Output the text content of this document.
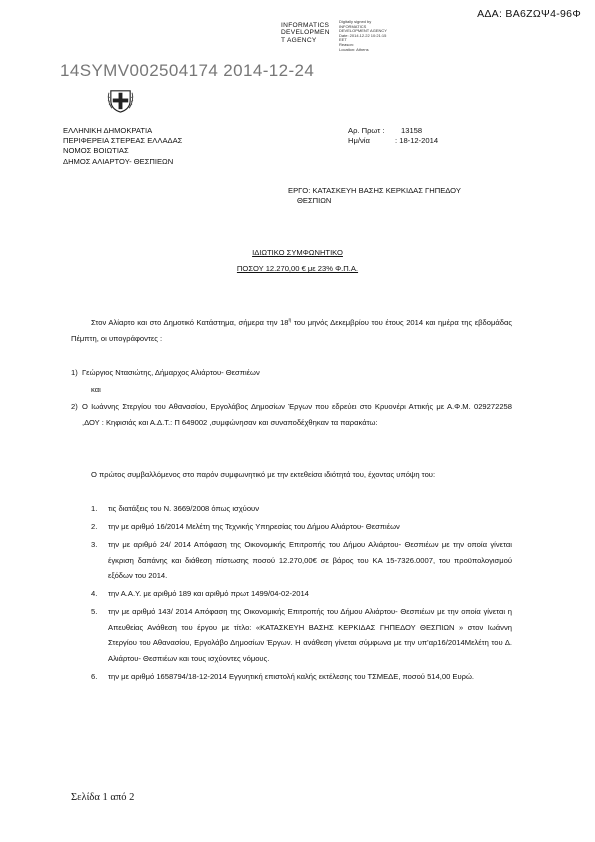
ΑΔΑ: ΒΑ6ΖΩΨ4-96Φ
INFORMATICS
DEVELOPMEN
T AGENCY
Digitally signed by
INFORMATICS
DEVELOPMENT AGENCY
Date: 2014.12.22 10:21:15
EET
Reason:
Location: Athens
14SYMV002504174 2014-12-24
ΕΛΛΗΝΙΚΗ ΔΗΜΟΚΡΑΤΙΑ
ΠΕΡΙΦΕΡΕΙΑ ΣΤΕΡΕΑΣ ΕΛΛΑΔΑΣ
ΝΟΜΟΣ ΒΟΙΩΤΙΑΣ
ΔΗΜΟΣ ΑΛΙΑΡΤΟΥ- ΘΕΣΠΙΕΩΝ
Αρ. Πρωτ : 13158
Ημ/νία	: 18-12-2014
ΕΡΓΟ: ΚΑΤΑΣΚΕΥΗ ΒΑΣΗΣ ΚΕΡΚΙΔΑΣ ΓΗΠΕΔΟΥ
ΘΕΣΠΙΩΝ
ΙΔΙΩΤΙΚΟ ΣΥΜΦΩΝΗΤΙΚΟ
ΠΟΣΟΥ 12.270,00 € με 23% Φ.Π.Α.
Στον Αλίαρτο και στο Δημοτικό Κατάστημα, σήμερα την $18^\eta$ του μηνός Δεκεμβρίου του έτους 2014 και ημέρα της εβδομάδας Πέμπτη, οι υπογράφοντες :
1) Γεώργιος Ντασιώτης, Δήμαρχος Αλιάρτου- Θεσπιέων
και
2) Ο Ιωάννης Στεργίου του Αθανασίου, Εργολάβος Δημοσίων Έργων που εδρεύει στο Κρυονέρι Αττικής με Α.Φ.Μ. 029272258 ,ΔΟΥ : Κηφισιάς και Α.Δ.Τ.: Π 649002 ,συμφώνησαν και συναποδέχθηκαν τα παρακάτω:
Ο πρώτος συμβαλλόμενος στο παρόν συμφωνητικό με την εκτεθείσα ιδιότητά του, έχοντας υπόψη του:
1. τις διατάξεις του Ν. 3669/2008 όπως ισχύουν
2. την με αριθμό 16/2014 Μελέτη της Τεχνικής Υπηρεσίας του Δήμου Αλιάρτου- Θεσπιέων
3. την με αριθμό 24/ 2014 Απόφαση της Οικονομικής Επιτροπής του Δήμου Αλιάρτου- Θεσπιέων με την οποία γίνεται έγκριση δαπάνης και διάθεση πίστωσης ποσού 12.270,00€ σε βάρος του ΚΑ 15-7326.0007, του προϋπολογισμού εξόδων του 2014.
4. την Α.Α.Υ. με αριθμό 189 και αριθμό πρωτ 1499/04-02-2014
5. την με αριθμό 143/ 2014 Απόφαση της Οικονομικής Επιτροπής του Δήμου Αλιάρτου- Θεσπιέων με την οποία γίνεται η Απευθείας Ανάθεση του έργου με τίτλο: «ΚΑΤΑΣΚΕΥΗ ΒΑΣΗΣ ΚΕΡΚΙΔΑΣ ΓΗΠΕΔΟΥ ΘΕΣΠΙΩΝ » στον Ιωάννη Στεργίου του Αθανασίου, Εργολάβο Δημοσίων Έργων. Η ανάθεση γίνεται σύμφωνα με την υπ'αρ16/2014Μελέτη του Δ. Αλιάρτου- Θεσπιέων και τους ισχύοντες νόμους.
6. την με αριθμό 1658794/18-12-2014 Εγγυητική επιστολή καλής εκτέλεσης του ΤΣΜΕΔΕ, ποσού 514,00 Ευρώ.
Σελίδα 1 από 2
